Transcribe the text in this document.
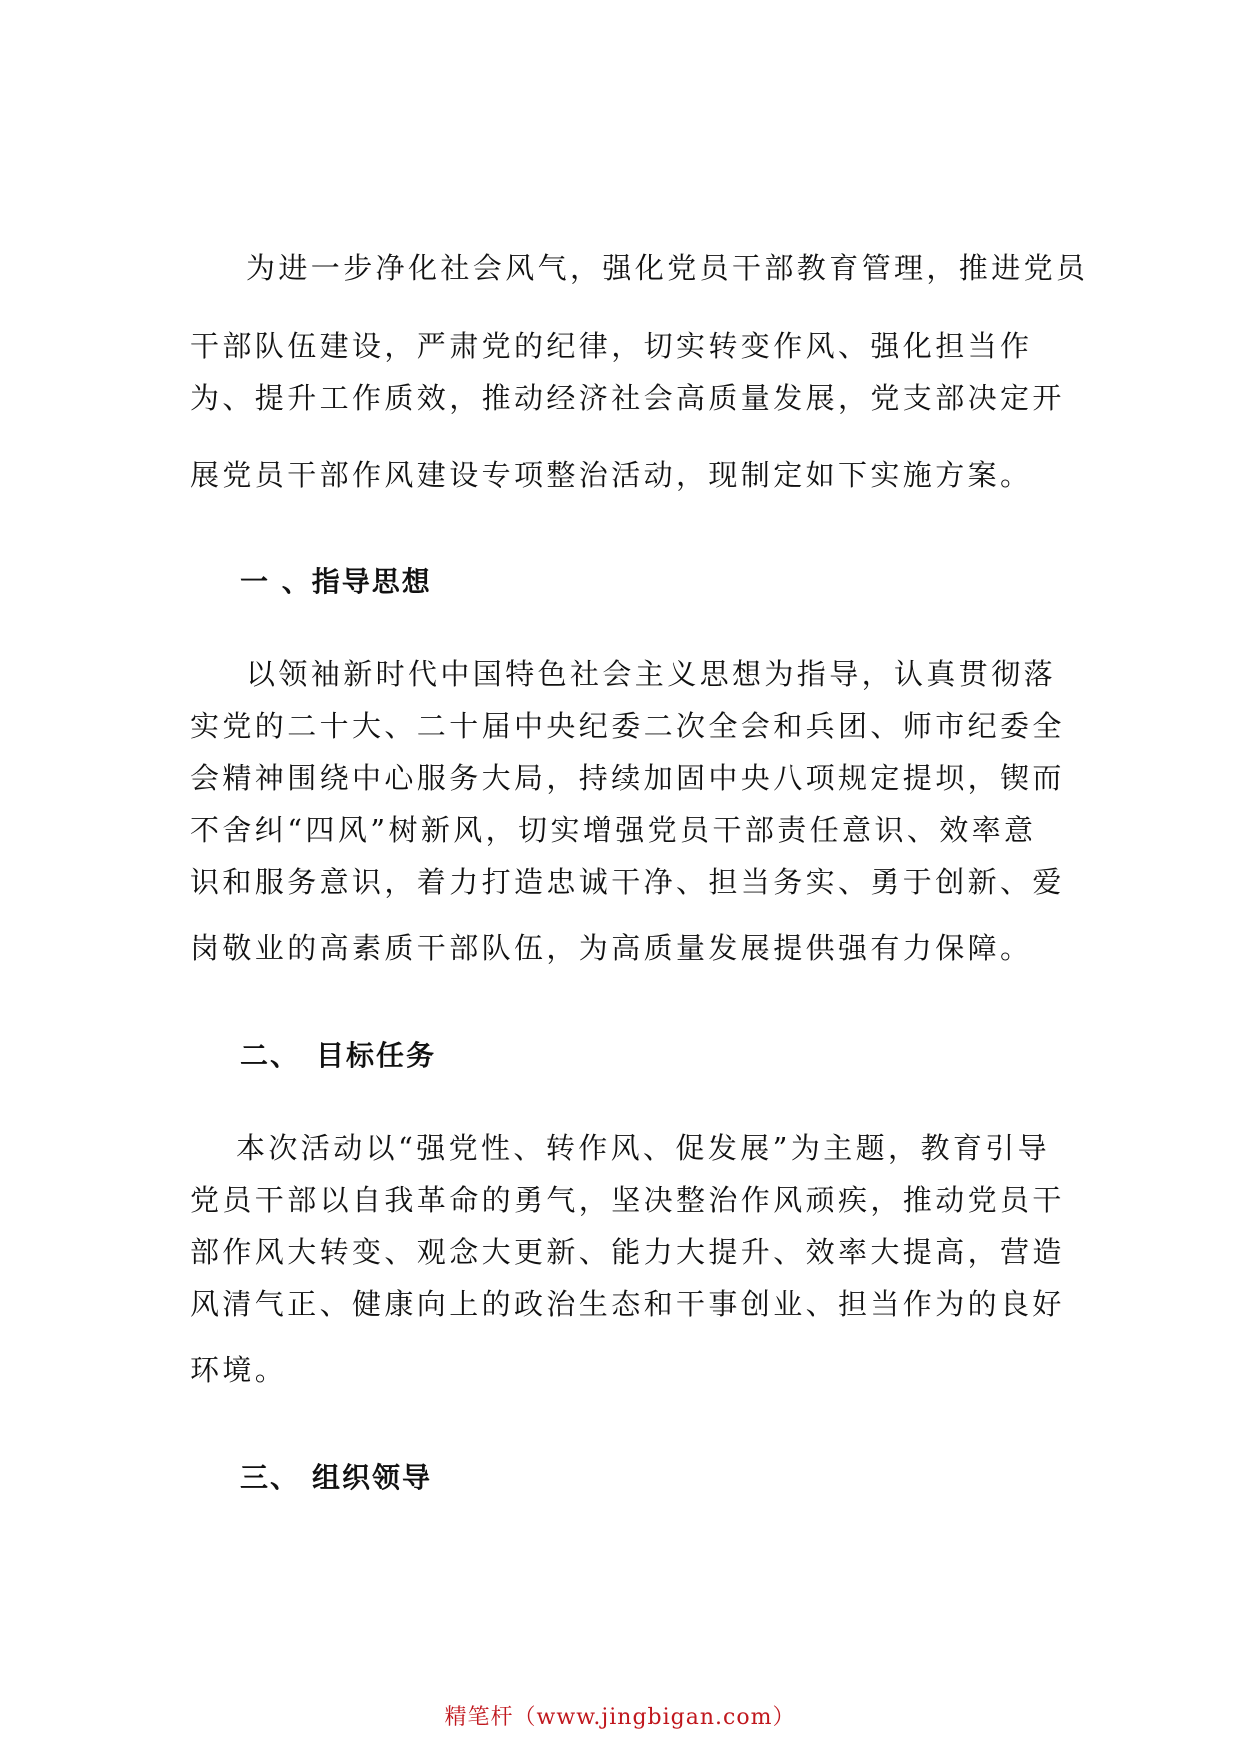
为进一步净化社会风气，强化党员干部教育管理，推进党员
干部队伍建设，严肃党的纪律，切实转变作风、强化担当作
为、提升工作质效，推动经济社会高质量发展，党支部决定开
展党员干部作风建设专项整治活动，现制定如下实施方案。
一 、指导思想
以领袖新时代中国特色社会主义思想为指导，认真贯彻落
实党的二十大、二十届中央纪委二次全会和兵团、师市纪委全
会精神围绕中心服务大局，持续加固中央八项规定提坝，锲而
不舍纠“四风”树新风，切实增强党员干部责任意识、效率意
识和服务意识，着力打造忠诚干净、担当务实、勇于创新、爱
岗敬业的高素质干部队伍，为高质量发展提供强有力保障。
二、 目标任务
本次活动以“强党性、转作风、促发展”为主题，教育引导
党员干部以自我革命的勇气，坚决整治作风顽疾，推动党员干
部作风大转变、观念大更新、能力大提升、效率大提高，营造
风清气正、健康向上的政治生态和干事创业、担当作为的良好
环境。
三、 组织领导
精笔杆（www.jingbigan.com）
